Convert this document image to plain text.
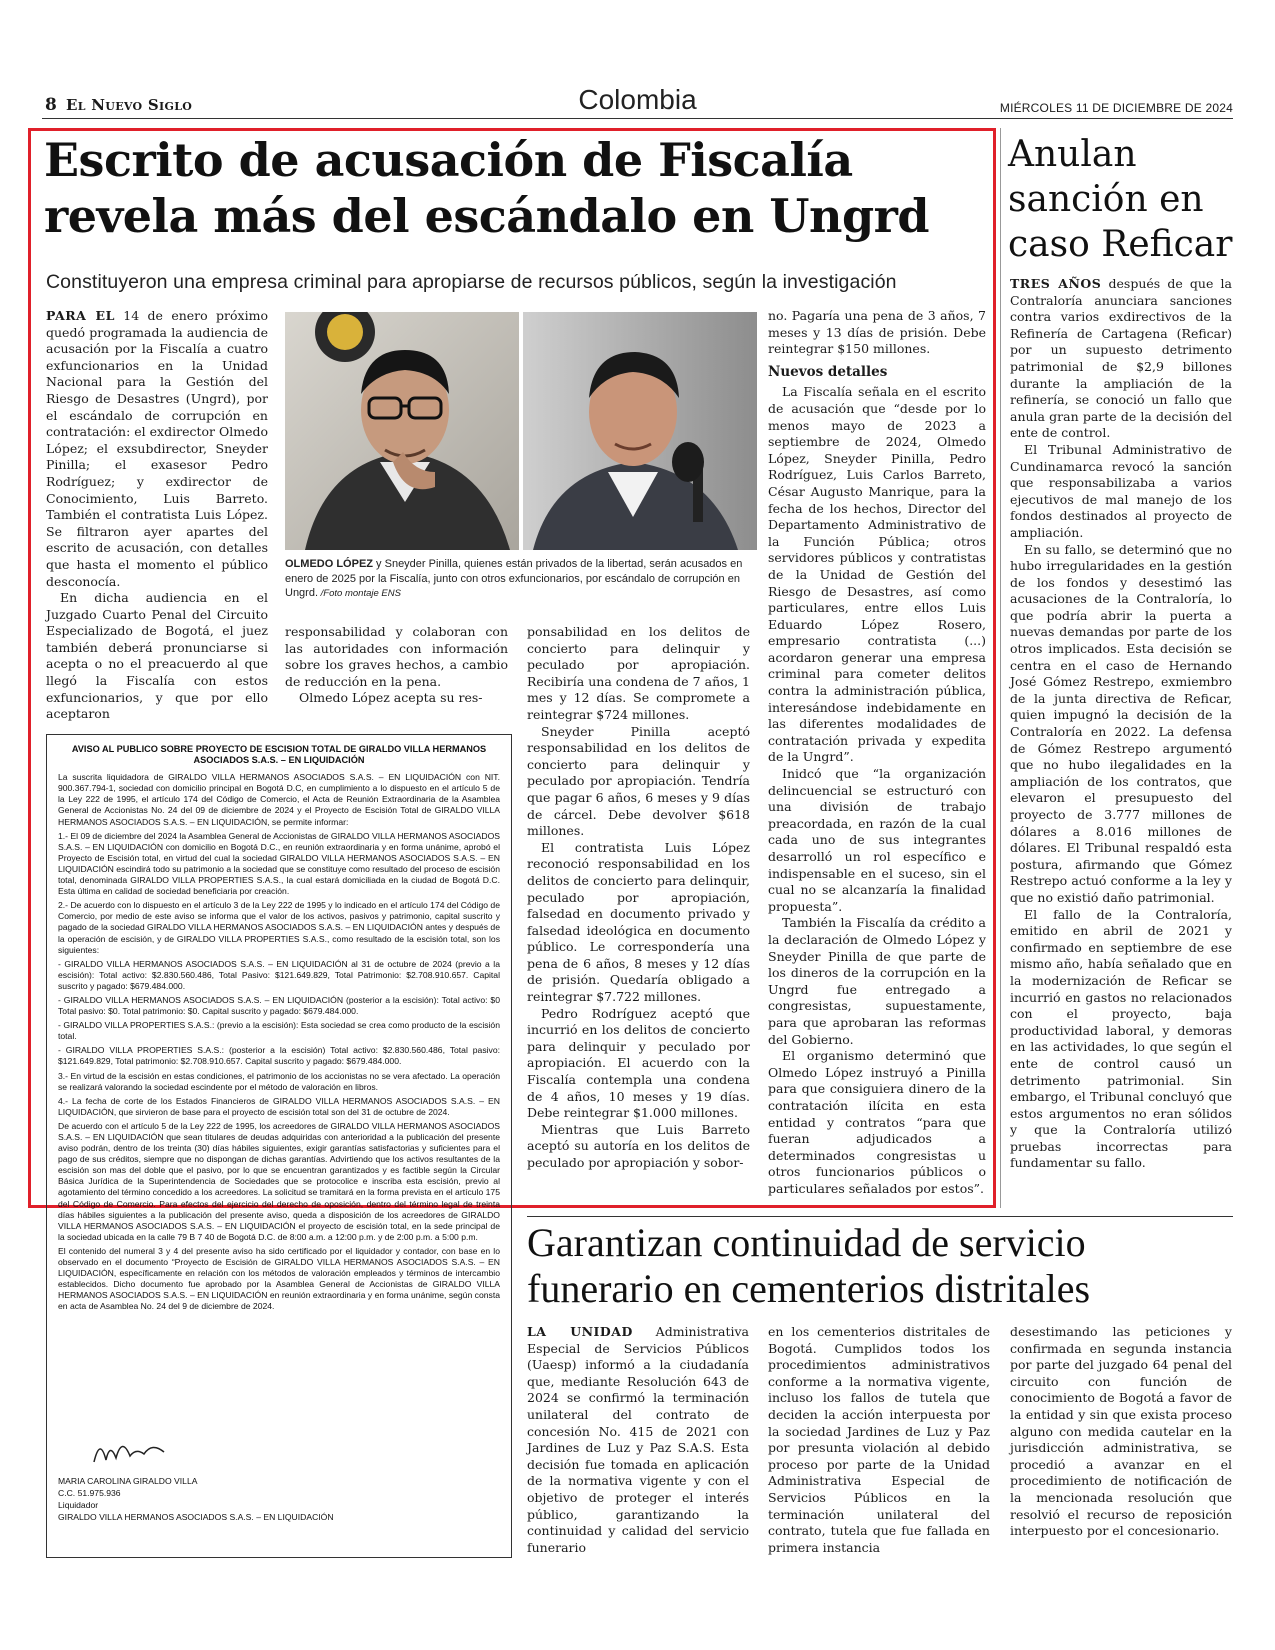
8 El Nuevo Siglo	Colombia	MIÉRCOLES 11 DE DICIEMBRE DE 2024
Escrito de acusación de Fiscalía
revela más del escándalo en Ungrd
Constituyeron una empresa criminal para apropiarse de recursos públicos, según la investigación

PARA EL 14 de enero próximo quedó programada la audiencia de acusación por la Fiscalía a cuatro exfuncionarios en la Unidad Nacional para la Gestión del Riesgo de Desastres (Ungrd), por el escándalo de corrupción en contratación: el exdirector Olmedo López; el exsubdirector, Sneyder Pinilla; el exasesor Pedro Rodríguez; y exdirector de Conocimiento, Luis Barreto. También el contratista Luis López. Se filtraron ayer apartes del escrito de acusación, con detalles que hasta el momento el público desconocía.

En dicha audiencia en el Juzgado Cuarto Penal del Circuito Especializado de Bogotá, el juez también deberá pronunciarse si acepta o no el preacuerdo al que llegó la Fiscalía con estos exfuncionarios, y que por ello aceptaron

OLMEDO LÓPEZ y Sneyder Pinilla, quienes están privados de la libertad, serán acusados en enero de 2025 por la Fiscalía, junto con otros exfuncionarios, por escándalo de corrupción en Ungrd. /Foto montaje ENS

responsabilidad y colaboran con las autoridades con información sobre los graves hechos, a cambio de reducción en la pena.

Olmedo López acepta su res-

ponsabilidad en los delitos de concierto para delinquir y peculado por apropiación. Recibiría una condena de 7 años, 1 mes y 12 días. Se compromete a reintegrar $724 millones.

Sneyder Pinilla aceptó responsabilidad en los delitos de concierto para delinquir y peculado por apropiación. Tendría que pagar 6 años, 6 meses y 9 días de cárcel. Debe devolver $618 millones.

El contratista Luis López reconoció responsabilidad en los delitos de concierto para delinquir, peculado por apropiación, falsedad en documento privado y falsedad ideológica en documento público. Le correspondería una pena de 6 años, 8 meses y 12 días de prisión. Quedaría obligado a reintegrar $7.722 millones.

Pedro Rodríguez aceptó que incurrió en los delitos de concierto para delinquir y peculado por apropiación. El acuerdo con la Fiscalía contempla una condena de 4 años, 10 meses y 19 días. Debe reintegrar $1.000 millones.

Mientras que Luis Barreto aceptó su autoría en los delitos de peculado por apropiación y sobor-

no. Pagaría una pena de 3 años, 7 meses y 13 días de prisión. Debe reintegrar $150 millones.

Nuevos detalles

La Fiscalía señala en el escrito de acusación que “desde por lo menos mayo de 2023 a septiembre de 2024, Olmedo López, Sneyder Pinilla, Pedro Rodríguez, Luis Carlos Barreto, César Augusto Manrique, para la fecha de los hechos, Director del Departamento Administrativo de la Función Pública; otros servidores públicos y contratistas de la Unidad de Gestión del Riesgo de Desastres, así como particulares, entre ellos Luis Eduardo López Rosero, empresario contratista (...) acordaron generar una empresa criminal para cometer delitos contra la administración pública, interesándose indebidamente en las diferentes modalidades de contratación privada y expedita de la Ungrd”.

Inidcó que “la organización delincuencial se estructuró con una división de trabajo preacordada, en razón de la cual cada uno de sus integrantes desarrolló un rol específico e indispensable en el suceso, sin el cual no se alcanzaría la finalidad propuesta”.

También la Fiscalía da crédito a la declaración de Olmedo López y Sneyder Pinilla de que parte de los dineros de la corrupción en la Ungrd fue entregado a congresistas, supuestamente, para que aprobaran las reformas del Gobierno.

El organismo determinó que Olmedo López instruyó a Pinilla para que consiguiera dinero de la contratación ilícita en esta entidad y contratos “para que fueran adjudicados a determinados congresistas u otros funcionarios públicos o particulares señalados por estos”.

AVISO AL PUBLICO SOBRE PROYECTO DE ESCISION TOTAL DE GIRALDO VILLA HERMANOS ASOCIADOS S.A.S. – EN LIQUIDACIÓN

La suscrita liquidadora de GIRALDO VILLA HERMANOS ASOCIADOS S.A.S. – EN LIQUIDACIÓN con NIT. 900.367.794-1, sociedad con domicilio principal en Bogotá D.C, en cumplimiento a lo dispuesto en el artículo 5 de la Ley 222 de 1995, el artículo 174 del Código de Comercio, el Acta de Reunión Extraordinaria de la Asamblea General de Accionistas No. 24 del 09 de diciembre de 2024 y el Proyecto de Escisión Total de GIRALDO VILLA HERMANOS ASOCIADOS S.A.S. – EN LIQUIDACIÓN, se permite informar:

1.- El 09 de diciembre del 2024 la Asamblea General de Accionistas de GIRALDO VILLA HERMANOS ASOCIADOS S.A.S. – EN LIQUIDACIÓN con domicilio en Bogotá D.C., en reunión extraordinaria y en forma unánime, aprobó el Proyecto de Escisión total, en virtud del cual la sociedad GIRALDO VILLA HERMANOS ASOCIADOS S.A.S. – EN LIQUIDACIÓN escindirá todo su patrimonio a la sociedad que se constituye como resultado del proceso de escisión total, denominada GIRALDO VILLA PROPERTIES S.A.S., la cual estará domiciliada en la ciudad de Bogotá D.C. Esta última en calidad de sociedad beneficiaria por creación.

2.- De acuerdo con lo dispuesto en el artículo 3 de la Ley 222 de 1995 y lo indicado en el artículo 174 del Código de Comercio, por medio de este aviso se informa que el valor de los activos, pasivos y patrimonio, capital suscrito y pagado de la sociedad GIRALDO VILLA HERMANOS ASOCIADOS S.A.S. – EN LIQUIDACIÓN antes y después de la operación de escisión, y de GIRALDO VILLA PROPERTIES S.A.S., como resultado de la escisión total, son los siguientes:

- GIRALDO VILLA HERMANOS ASOCIADOS S.A.S. – EN LIQUIDACIÓN al 31 de octubre de 2024 (previo a la escisión): Total activo: $2.830.560.486, Total Pasivo: $121.649.829, Total Patrimonio: $2.708.910.657. Capital suscrito y pagado: $679.484.000.

- GIRALDO VILLA HERMANOS ASOCIADOS S.A.S. – EN LIQUIDACIÓN (posterior a la escisión): Total activo: $0 Total pasivo: $0. Total patrimonio: $0. Capital suscrito y pagado: $679.484.000.

- GIRALDO VILLA PROPERTIES S.A.S.: (previo a la escisión): Esta sociedad se crea como producto de la escisión total.

- GIRALDO VILLA PROPERTIES S.A.S.: (posterior a la escisión) Total activo: $2.830.560.486, Total pasivo: $121.649.829, Total patrimonio: $2.708.910.657. Capital suscrito y pagado: $679.484.000.

3.- En virtud de la escisión en estas condiciones, el patrimonio de los accionistas no se vera afectado. La operación se realizará valorando la sociedad escindente por el método de valoración en libros.

4.- La fecha de corte de los Estados Financieros de GIRALDO VILLA HERMANOS ASOCIADOS S.A.S. – EN LIQUIDACIÓN, que sirvieron de base para el proyecto de escisión total son del 31 de octubre de 2024.

De acuerdo con el artículo 5 de la Ley 222 de 1995, los acreedores de GIRALDO VILLA HERMANOS ASOCIADOS S.A.S. – EN LIQUIDACIÓN que sean titulares de deudas adquiridas con anterioridad a la publicación del presente aviso podrán, dentro de los treinta (30) días hábiles siguientes, exigir garantías satisfactorias y suficientes para el pago de sus créditos, siempre que no dispongan de dichas garantías. Advirtiendo que los activos resultantes de la escisión son mas del doble que el pasivo, por lo que se encuentran garantizados y es factible según la Circular Básica Jurídica de la Superintendencia de Sociedades que se protocolice e inscriba esta escisión, previo al agotamiento del término concedido a los acreedores. La solicitud se tramitará en la forma prevista en el artículo 175 del Código de Comercio. Para efectos del ejercicio del derecho de oposición, dentro del término legal de treinta días hábiles siguientes a la publicación del presente aviso, queda a disposición de los acreedores de GIRALDO VILLA HERMANOS ASOCIADOS S.A.S. – EN LIQUIDACIÓN el proyecto de escisión total, en la sede principal de la sociedad ubicada en la calle 79 B 7 40 de Bogotá D.C. de 8:00 a.m. a 12:00 p.m. y de 2:00 p.m. a 5:00 p.m.

El contenido del numeral 3 y 4 del presente aviso ha sido certificado por el liquidador y contador, con base en lo observado en el documento “Proyecto de Escisión de GIRALDO VILLA HERMANOS ASOCIADOS S.A.S. – EN LIQUIDACIÓN, específicamente en relación con los métodos de valoración empleados y términos de intercambio establecidos. Dicho documento fue aprobado por la Asamblea General de Accionistas de GIRALDO VILLA HERMANOS ASOCIADOS S.A.S. – EN LIQUIDACIÓN en reunión extraordinaria y en forma unánime, según consta en acta de Asamblea No. 24 del 9 de diciembre de 2024.

MARIA CAROLINA GIRALDO VILLA
C.C. 51.975.936
Liquidador
GIRALDO VILLA HERMANOS ASOCIADOS S.A.S. – EN LIQUIDACIÓN
Anulan
sanción en
caso Reficar

TRES AÑOS después de que la Contraloría anunciara sanciones contra varios exdirectivos de la Refinería de Cartagena (Reficar) por un supuesto detrimento patrimonial de $2,9 billones durante la ampliación de la refinería, se conoció un fallo que anula gran parte de la decisión del ente de control.

El Tribunal Administrativo de Cundinamarca revocó la sanción que responsabilizaba a varios ejecutivos de mal manejo de los fondos destinados al proyecto de ampliación.

En su fallo, se determinó que no hubo irregularidades en la gestión de los fondos y desestimó las acusaciones de la Contraloría, lo que podría abrir la puerta a nuevas demandas por parte de los otros implicados. Esta decisión se centra en el caso de Hernando José Gómez Restrepo, exmiembro de la junta directiva de Reficar, quien impugnó la decisión de la Contraloría en 2022. La defensa de Gómez Restrepo argumentó que no hubo ilegalidades en la ampliación de los contratos, que elevaron el presupuesto del proyecto de 3.777 millones de dólares a 8.016 millones de dólares. El Tribunal respaldó esta postura, afirmando que Gómez Restrepo actuó conforme a la ley y que no existió daño patrimonial.

El fallo de la Contraloría, emitido en abril de 2021 y confirmado en septiembre de ese mismo año, había señalado que en la modernización de Reficar se incurrió en gastos no relacionados con el proyecto, baja productividad laboral, y demoras en las actividades, lo que según el ente de control causó un detrimento patrimonial. Sin embargo, el Tribunal concluyó que estos argumentos no eran sólidos y que la Contraloría utilizó pruebas incorrectas para fundamentar su fallo.

Garantizan continuidad de servicio
funerario en cementerios distritales

LA UNIDAD Administrativa Especial de Servicios Públicos (Uaesp) informó a la ciudadanía que, mediante Resolución 643 de 2024 se confirmó la terminación unilateral del contrato de concesión No. 415 de 2021 con Jardines de Luz y Paz S.A.S. Esta decisión fue tomada en aplicación de la normativa vigente y con el objetivo de proteger el interés público, garantizando la continuidad y calidad del servicio funerario

en los cementerios distritales de Bogotá. Cumplidos todos los procedimientos administrativos conforme a la normativa vigente, incluso los fallos de tutela que deciden la acción interpuesta por la sociedad Jardines de Luz y Paz por presunta violación al debido proceso por parte de la Unidad Administrativa Especial de Servicios Públicos en la terminación unilateral del contrato, tutela que fue fallada en primera instancia

desestimando las peticiones y confirmada en segunda instancia por parte del juzgado 64 penal del circuito con función de conocimiento de Bogotá a favor de la entidad y sin que exista proceso alguno con medida cautelar en la jurisdicción administrativa, se procedió a avanzar en el procedimiento de notificación de la mencionada resolución que resolvió el recurso de reposición interpuesto por el concesionario.
